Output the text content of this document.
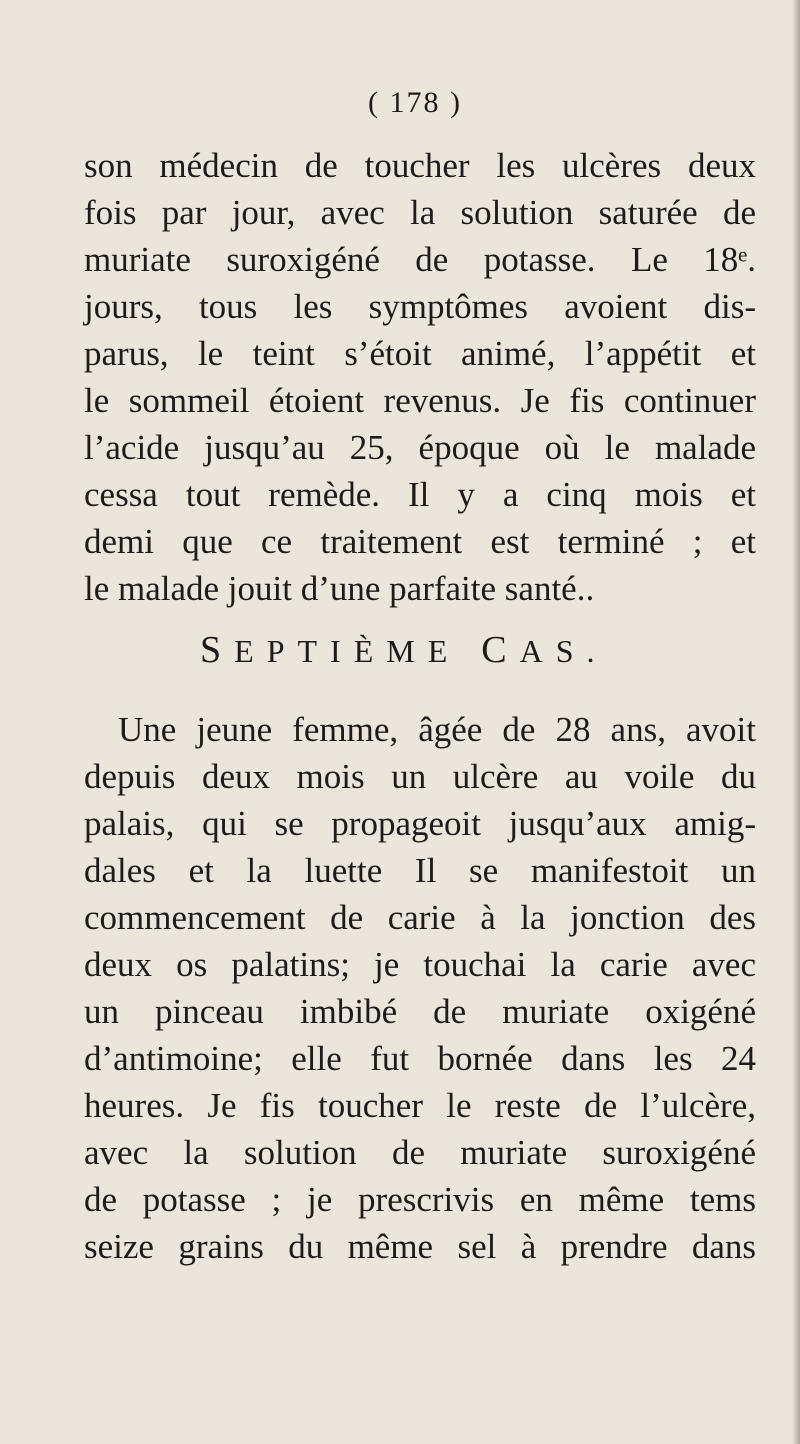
( 178 )
son médecin de toucher les ulcères deux
fois par jour, avec la solution saturée de
muriate suroxigéné de potasse. Le 18ᵉ.
jours, tous les symptômes avoient dis-
parus, le teint s’étoit animé, l’appétit et
le sommeil étoient revenus. Je fis continuer
l’acide jusqu’au 25, époque où le malade
cessa tout remède. Il y a cinq mois et
demi que ce traitement est terminé ; et
le malade jouit d’une parfaite santé..
SEPTIÈME CAS.
Une jeune femme, âgée de 28 ans, avoit
depuis deux mois un ulcère au voile du
palais, qui se propageoit jusqu’aux amig-
dales et la luette Il se manifestoit un
commencement de carie à la jonction des
deux os palatins; je touchai la carie avec
un pinceau imbibé de muriate oxigéné
d’antimoine; elle fut bornée dans les 24
heures. Je fis toucher le reste de l’ulcère,
avec la solution de muriate suroxigéné
de potasse ; je prescrivis en même tems
seize grains du même sel à prendre dans
